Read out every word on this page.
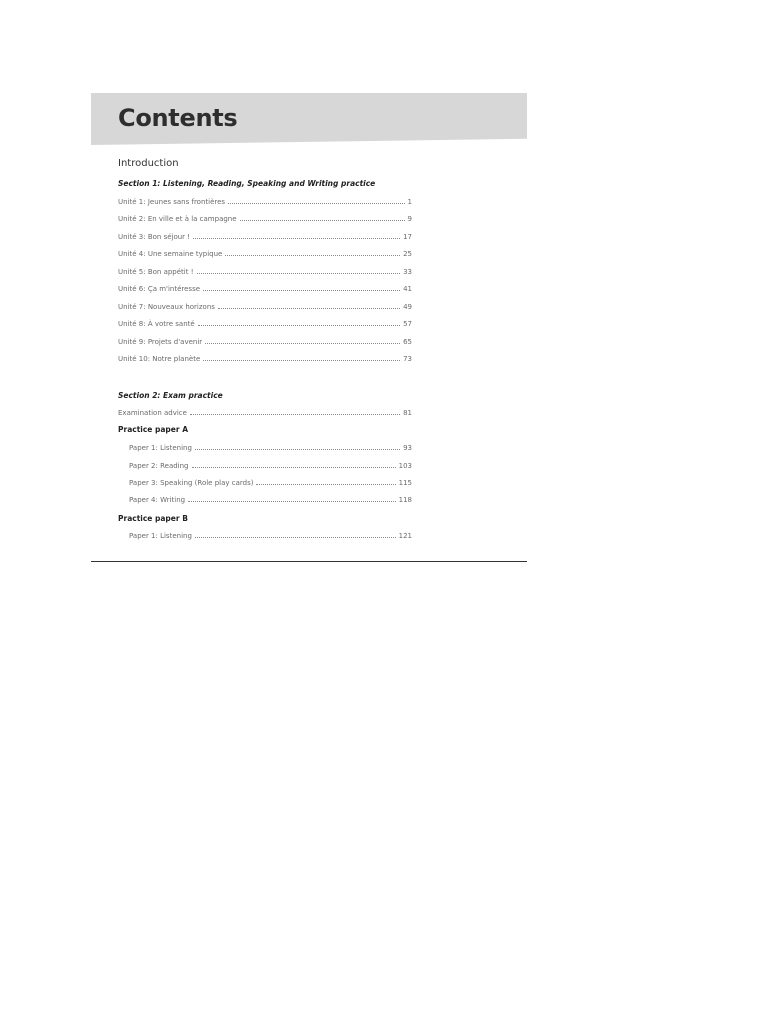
Contents
Introduction
Section 1: Listening, Reading, Speaking and Writing practice
Unité 1: Jeunes sans frontières	1
Unité 2: En ville et à la campagne	9
Unité 3: Bon séjour !	17
Unité 4: Une semaine typique	25
Unité 5: Bon appétit !	33
Unité 6: Ça m'intéresse	41
Unité 7: Nouveaux horizons	49
Unité 8: À votre santé	57
Unité 9: Projets d'avenir	65
Unité 10: Notre planète	73
Section 2: Exam practice
Examination advice	81
Practice paper A
Paper 1: Listening	93
Paper 2: Reading	103
Paper 3: Speaking (Role play cards)	115
Paper 4: Writing	118
Practice paper B
Paper 1: Listening	121
